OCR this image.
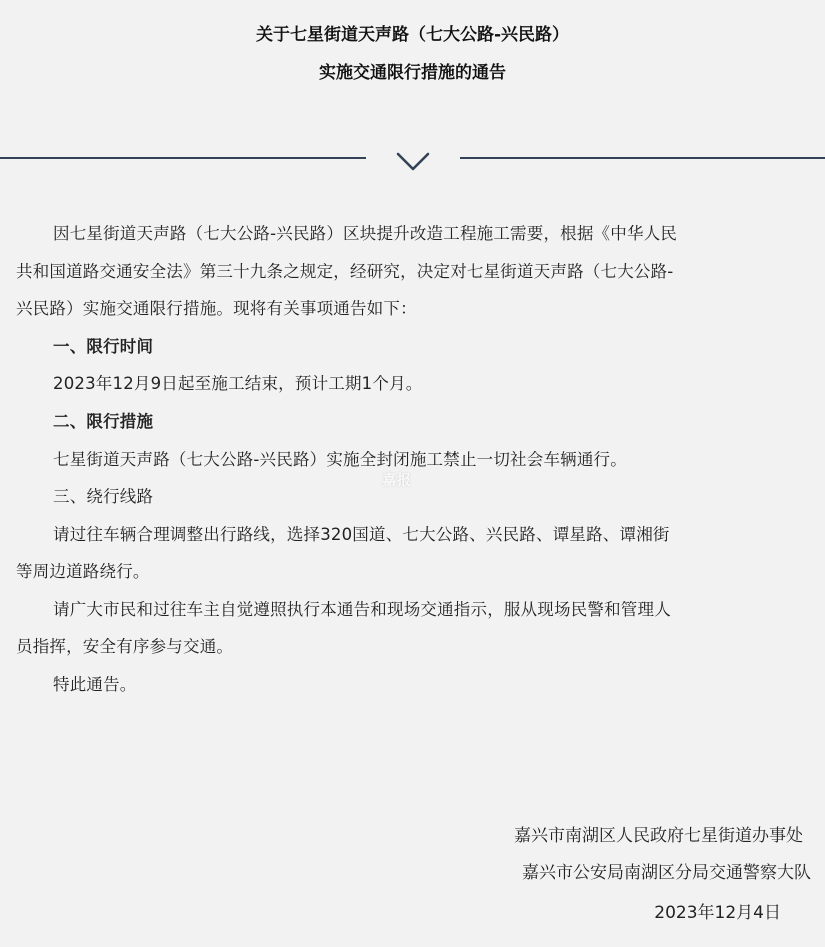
关于七星街道天声路（七大公路-兴民路）
实施交通限行措施的通告
因七星街道天声路（七大公路-兴民路）区块提升改造工程施工需要，根据《中华人民
共和国道路交通安全法》第三十九条之规定，经研究，决定对七星街道天声路（七大公路-
兴民路）实施交通限行措施。现将有关事项通告如下：
一、限行时间
2023年12月9日起至施工结束，预计工期1个月。
二、限行措施
七星街道天声路（七大公路-兴民路）实施全封闭施工禁止一切社会车辆通行。
三、绕行线路
请过往车辆合理调整出行路线，选择320国道、七大公路、兴民路、谭星路、谭湘街
等周边道路绕行。
请广大市民和过往车主自觉遵照执行本通告和现场交通指示，服从现场民警和管理人
员指挥，安全有序参与交通。
特此通告。
嘉报
嘉兴市南湖区人民政府七星街道办事处
嘉兴市公安局南湖区分局交通警察大队
2023年12月4日
